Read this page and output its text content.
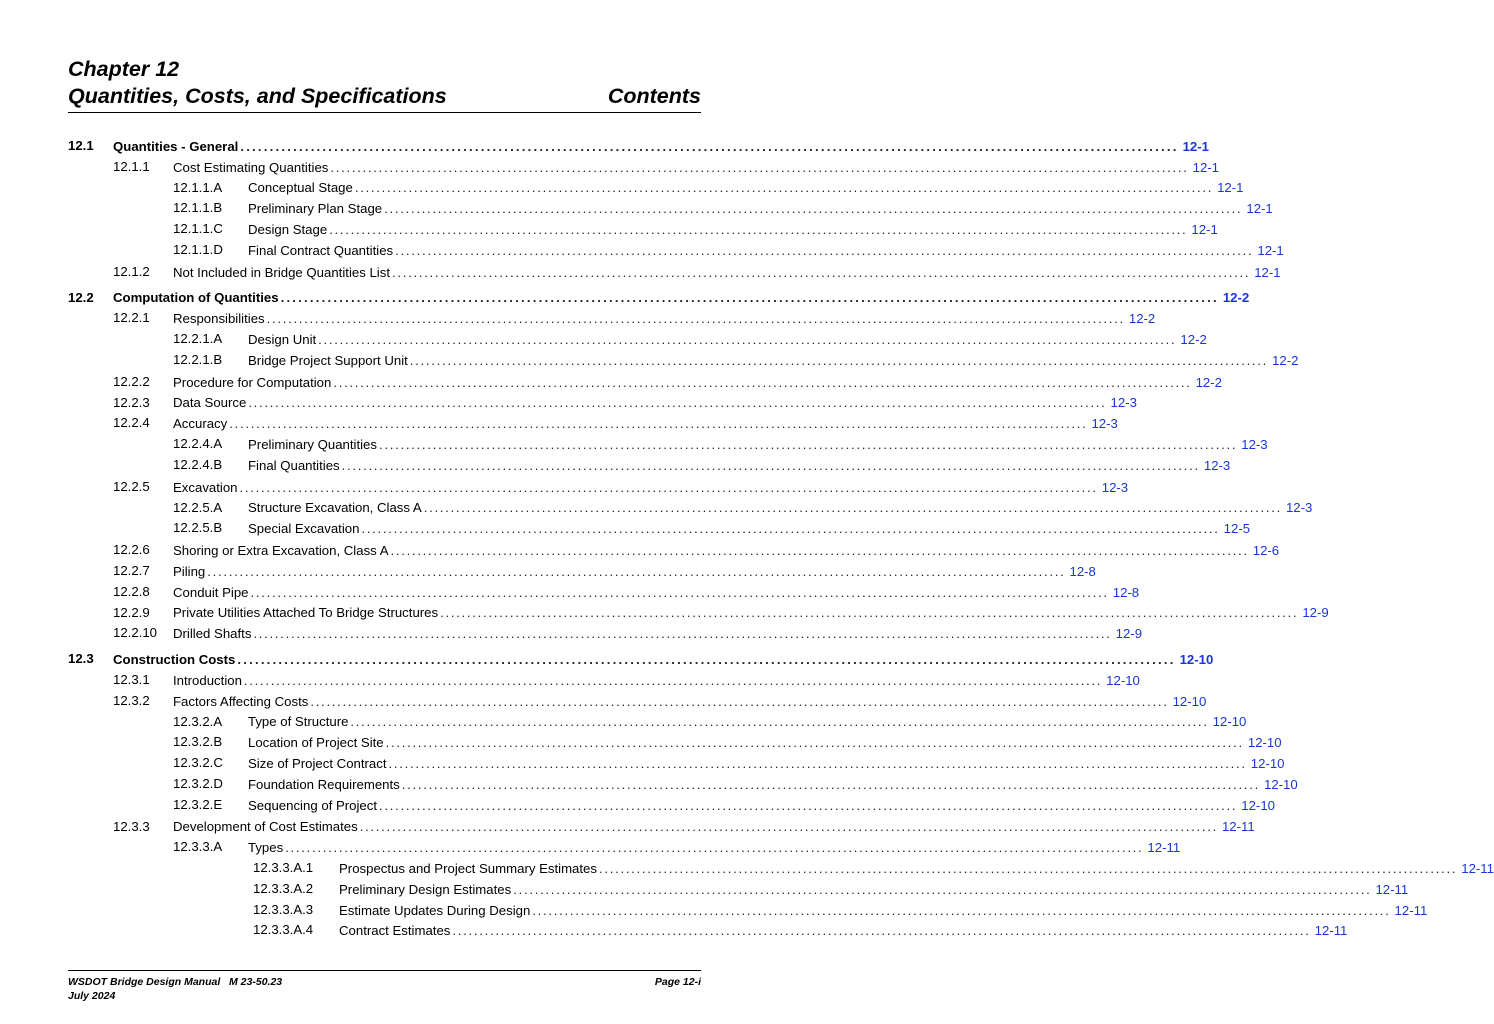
Chapter 12
Quantities, Costs, and Specifications	Contents
12.1 Quantities - General ................................................................................................................................................................ 12-1
12.1.1 Cost Estimating Quantities ................................................................................................................................................................ 12-1
12.1.1.A Conceptual Stage ................................................................................................................................................................ 12-1
12.1.1.B Preliminary Plan Stage ................................................................................................................................................................ 12-1
12.1.1.C Design Stage ................................................................................................................................................................ 12-1
12.1.1.D Final Contract Quantities ................................................................................................................................................................ 12-1
12.1.2 Not Included in Bridge Quantities List ................................................................................................................................................................ 12-1
12.2 Computation of Quantities ................................................................................................................................................................ 12-2
12.2.1 Responsibilities ................................................................................................................................................................ 12-2
12.2.1.A Design Unit ................................................................................................................................................................ 12-2
12.2.1.B Bridge Project Support Unit ................................................................................................................................................................ 12-2
12.2.2 Procedure for Computation ................................................................................................................................................................ 12-2
12.2.3 Data Source ................................................................................................................................................................ 12-3
12.2.4 Accuracy ................................................................................................................................................................ 12-3
12.2.4.A Preliminary Quantities ................................................................................................................................................................ 12-3
12.2.4.B Final Quantities ................................................................................................................................................................ 12-3
12.2.5 Excavation ................................................................................................................................................................ 12-3
12.2.5.A Structure Excavation, Class A ................................................................................................................................................................ 12-3
12.2.5.B Special Excavation ................................................................................................................................................................ 12-5
12.2.6 Shoring or Extra Excavation, Class A ................................................................................................................................................................ 12-6
12.2.7 Piling ................................................................................................................................................................ 12-8
12.2.8 Conduit Pipe ................................................................................................................................................................ 12-8
12.2.9 Private Utilities Attached To Bridge Structures ................................................................................................................................................................ 12-9
12.2.10 Drilled Shafts ................................................................................................................................................................ 12-9
12.3 Construction Costs ................................................................................................................................................................ 12-10
12.3.1 Introduction ................................................................................................................................................................ 12-10
12.3.2 Factors Affecting Costs ................................................................................................................................................................ 12-10
12.3.2.A Type of Structure ................................................................................................................................................................ 12-10
12.3.2.B Location of Project Site ................................................................................................................................................................ 12-10
12.3.2.C Size of Project Contract ................................................................................................................................................................ 12-10
12.3.2.D Foundation Requirements ................................................................................................................................................................ 12-10
12.3.2.E Sequencing of Project ................................................................................................................................................................ 12-10
12.3.3 Development of Cost Estimates ................................................................................................................................................................ 12-11
12.3.3.A Types ................................................................................................................................................................ 12-11
12.3.3.A.1 Prospectus and Project Summary Estimates ................................................................................................................................................................ 12-11
12.3.3.A.2 Preliminary Design Estimates ................................................................................................................................................................ 12-11
12.3.3.A.3 Estimate Updates During Design ................................................................................................................................................................ 12-11
12.3.3.A.4 Contract Estimates ................................................................................................................................................................ 12-11
WSDOT Bridge Design Manual   M 23-50.23	Page 12-i
July 2024
